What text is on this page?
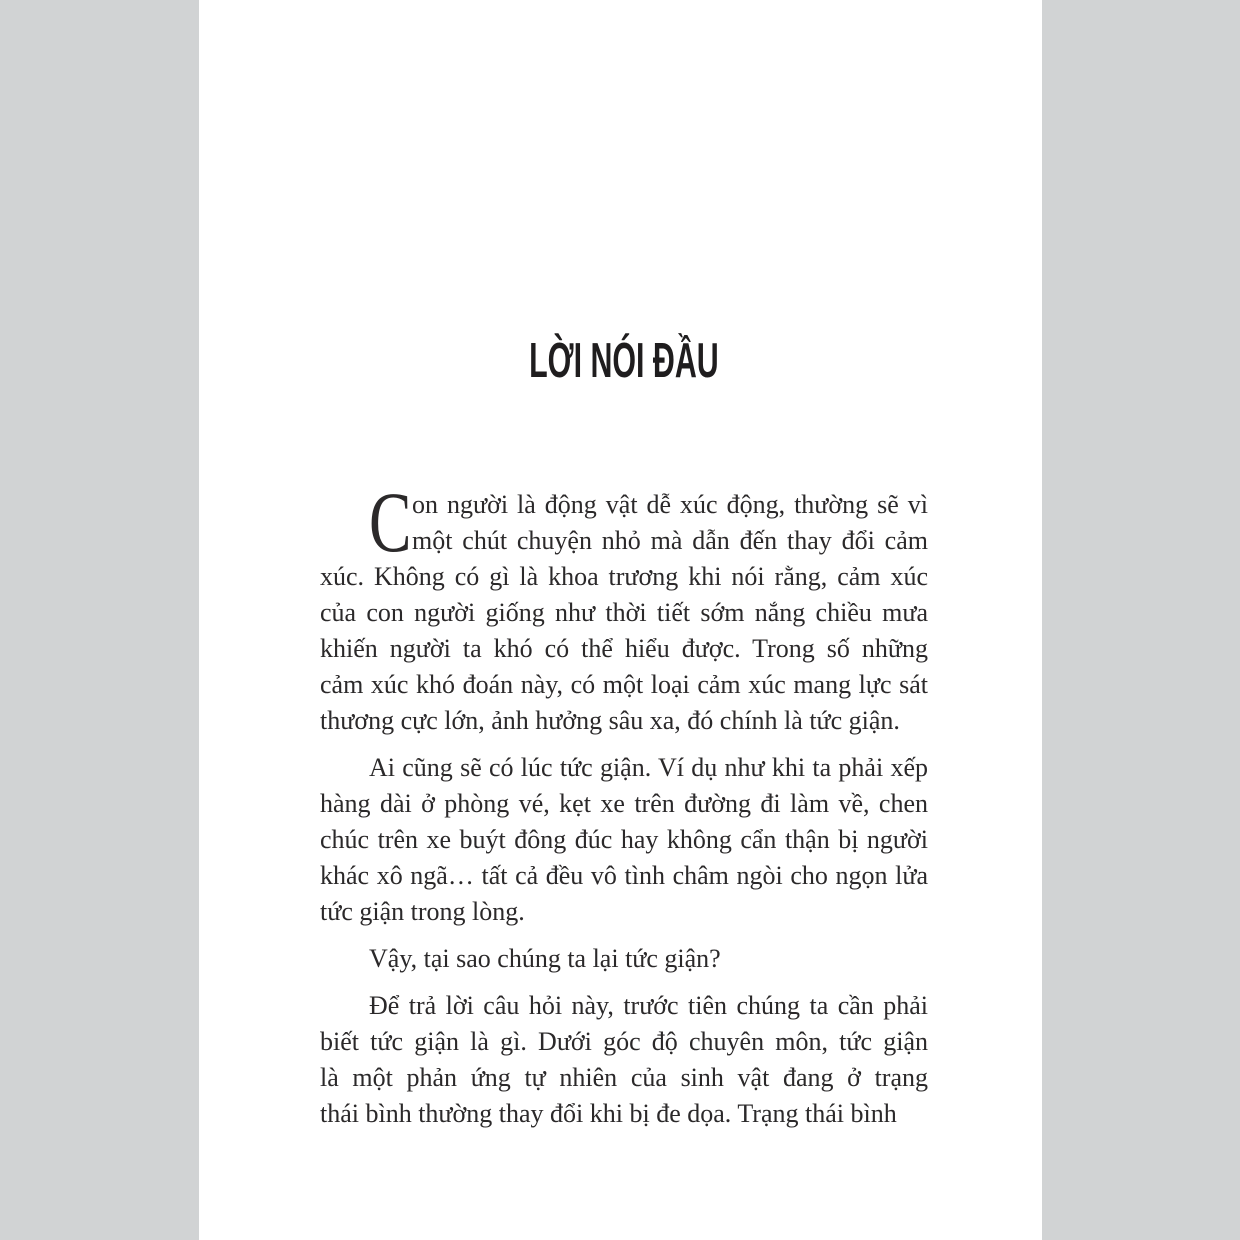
LỜI NÓI ĐẦU
C on người là động vật dễ xúc động, thường sẽ vì
một chút chuyện nhỏ mà dẫn đến thay đổi cảm
xúc. Không có gì là khoa trương khi nói rằng, cảm xúc
của con người giống như thời tiết sớm nắng chiều mưa
khiến người ta khó có thể hiểu được. Trong số những
cảm xúc khó đoán này, có một loại cảm xúc mang lực sát
thương cực lớn, ảnh hưởng sâu xa, đó chính là tức giận.
Ai cũng sẽ có lúc tức giận. Ví dụ như khi ta phải xếp
hàng dài ở phòng vé, kẹt xe trên đường đi làm về, chen
chúc trên xe buýt đông đúc hay không cẩn thận bị người
khác xô ngã… tất cả đều vô tình châm ngòi cho ngọn lửa
tức giận trong lòng.
Vậy, tại sao chúng ta lại tức giận?
Để trả lời câu hỏi này, trước tiên chúng ta cần phải
biết tức giận là gì. Dưới góc độ chuyên môn, tức giận
là một phản ứng tự nhiên của sinh vật đang ở trạng
thái bình thường thay đổi khi bị đe dọa. Trạng thái bình
